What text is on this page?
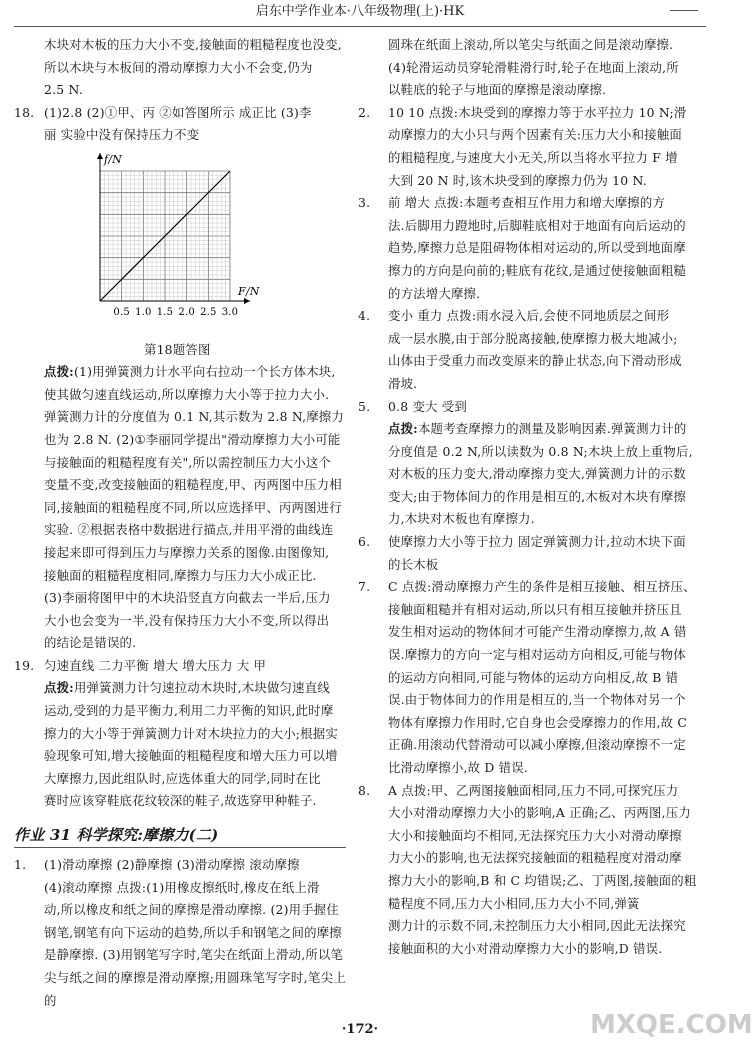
启东中学作业本·八年级物理(上)·HK

木块对木板的压力大小不变,接触面的粗糙程度也没变,

所以木块与木板间的滑动摩擦力大小不会变,仍为

2.5 N.

18. (1)2.8 (2)①甲、丙 ②如答图所示 成正比 (3)李

丽 实验中没有保持压力不变

f/N
F/N
0.5 1.0 1.5 2.0 2.5 3.0

第18题答图

点拨:(1)用弹簧测力计水平向右拉动一个长方体木块,

使其做匀速直线运动,所以摩擦力大小等于拉力大小.

弹簧测力计的分度值为 0.1 N,其示数为 2.8 N,摩擦力

也为 2.8 N. (2)①李丽同学提出"滑动摩擦力大小可能

与接触面的粗糙程度有关",所以需控制压力大小这个

变量不变,改变接触面的粗糙程度,甲、丙两图中压力相

同,接触面的粗糙程度不同,所以应选择甲、丙两图进行

实验. ②根据表格中数据进行描点,并用平滑的曲线连

接起来即可得到压力与摩擦力关系的图像.由图像知,

接触面的粗糙程度相同,摩擦力与压力大小成正比.

(3)李丽将图甲中的木块沿竖直方向截去一半后,压力

大小也会变为一半,没有保持压力大小不变,所以得出

的结论是错误的.

19. 匀速直线 二力平衡 增大 增大压力 大 甲

点拨:用弹簧测力计匀速拉动木块时,木块做匀速直线

运动,受到的力是平衡力,利用二力平衡的知识,此时摩

擦力的大小等于弹簧测力计对木块拉力的大小;根据实

验现象可知,增大接触面的粗糙程度和增大压力可以增

大摩擦力,因此组队时,应选体重大的同学,同时在比

赛时应该穿鞋底花纹较深的鞋子,故选穿甲种鞋子.

作业 31 科学探究:摩擦力(二)

1. (1)滑动摩擦 (2)静摩擦 (3)滑动摩擦 滚动摩擦

(4)滚动摩擦 点拨:(1)用橡皮擦纸时,橡皮在纸上滑

动,所以橡皮和纸之间的摩擦是滑动摩擦. (2)用手握住

钢笔,钢笔有向下运动的趋势,所以手和钢笔之间的摩擦

是静摩擦. (3)用钢笔写字时,笔尖在纸面上滑动,所以笔

尖与纸之间的摩擦是滑动摩擦;用圆珠笔写字时,笔尖上的

圆珠在纸面上滚动,所以笔尖与纸面之间是滚动摩擦.

(4)轮滑运动员穿轮滑鞋滑行时,轮子在地面上滚动,所

以鞋底的轮子与地面的摩擦是滚动摩擦.

2. 10 10 点拨:木块受到的摩擦力等于水平拉力 10 N;滑

动摩擦力的大小只与两个因素有关:压力大小和接触面

的粗糙程度,与速度大小无关,所以当将水平拉力 F 增

大到 20 N 时,该木块受到的摩擦力仍为 10 N.

3. 前 增大 点拨:本题考查相互作用力和增大摩擦的方

法.后脚用力蹬地时,后脚鞋底相对于地面有向后运动的

趋势,摩擦力总是阻碍物体相对运动的,所以受到地面摩

擦力的方向是向前的;鞋底有花纹,是通过使接触面粗糙

的方法增大摩擦.

4. 变小 重力 点拨:雨水浸入后,会使不同地质层之间形

成一层水膜,由于部分脱离接触,使摩擦力极大地减小;

山体由于受重力而改变原来的静止状态,向下滑动形成

滑坡.

5. 0.8 变大 受到

点拨:本题考查摩擦力的测量及影响因素.弹簧测力计的

分度值是 0.2 N,所以读数为 0.8 N;木块上放上重物后,

对木板的压力变大,滑动摩擦力变大,弹簧测力计的示数

变大;由于物体间力的作用是相互的,木板对木块有摩擦

力,木块对木板也有摩擦力.

6. 使摩擦力大小等于拉力 固定弹簧测力计,拉动木块下面

的长木板

7. C 点拨:滑动摩擦力产生的条件是相互接触、相互挤压、

接触面粗糙并有相对运动,所以只有相互接触并挤压且

发生相对运动的物体间才可能产生滑动摩擦力,故 A 错

误.摩擦力的方向一定与相对运动方向相反,可能与物体

的运动方向相同,可能与物体的运动方向相反,故 B 错

误.由于物体间力的作用是相互的,当一个物体对另一个

物体有摩擦力作用时,它自身也会受摩擦力的作用,故 C

正确.用滚动代替滑动可以减小摩擦,但滚动摩擦不一定

比滑动摩擦小,故 D 错误.

8. A 点拨:甲、乙两图接触面相同,压力不同,可探究压力

大小对滑动摩擦力大小的影响,A 正确;乙、丙两图,压力

大小和接触面均不相同,无法探究压力大小对滑动摩擦

力大小的影响,也无法探究接触面的粗糙程度对滑动摩

擦力大小的影响,B 和 C 均错误;乙、丁两图,接触面的粗

糙程度不同,压力大小相同,压力大小不同,弹簧

测力计的示数不同,未控制压力大小相同,因此无法探究

接触面积的大小对滑动摩擦力大小的影响,D 错误.

·172·	MXQE.COM
